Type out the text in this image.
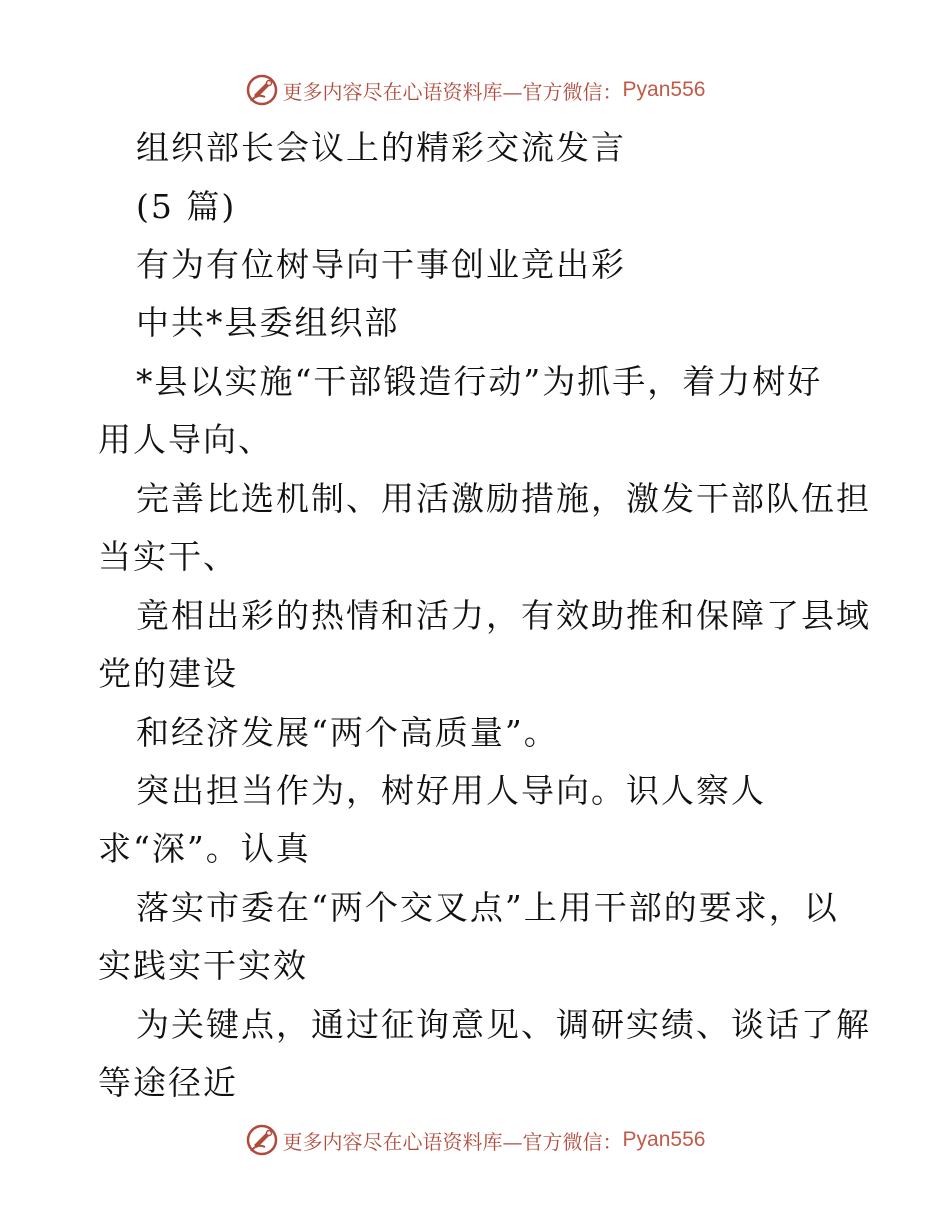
更多内容尽在心语资料库—官方微信： Pyan556
组织部长会议上的精彩交流发言
(5 篇)
有为有位树导向干事创业竞出彩
中共*县委组织部
*县以实施“干部锻造行动”为抓手，着力树好
用人导向、
完善比选机制、用活激励措施，激发干部队伍担
当实干、
竟相出彩的热情和活力，有效助推和保障了县域
党的建设
和经济发展“两个高质量”。
突出担当作为，树好用人导向。识人察人
求“深”。认真
落实市委在“两个交叉点”上用干部的要求，以
实践实干实效
为关键点，通过征询意见、调研实绩、谈话了解
等途径近
更多内容尽在心语资料库—官方微信： Pyan556
